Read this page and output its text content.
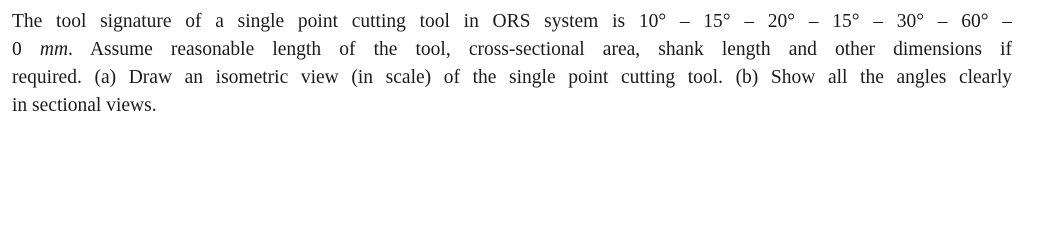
The tool signature of a single point cutting tool in ORS system is 10° – 15° – 20° – 15° – 30° – 60° –
0 mm. Assume reasonable length of the tool, cross-sectional area, shank length and other dimensions if
required. (a) Draw an isometric view (in scale) of the single point cutting tool. (b) Show all the angles clearly
in sectional views.
